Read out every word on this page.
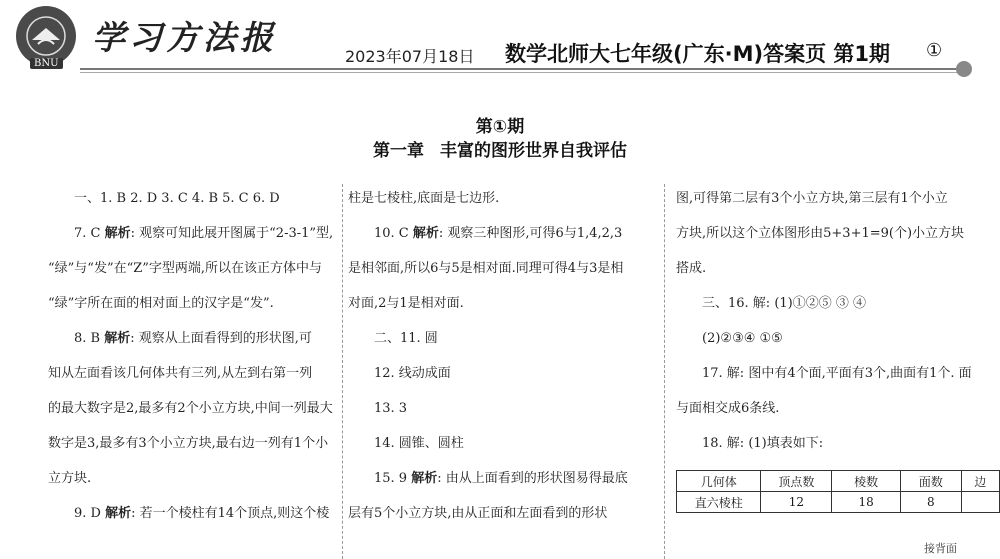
BNU
学习方法报	2023年07月18日 数学北师大七年级(广东·M)答案页 第1期 ①
第①期
第一章 丰富的图形世界自我评估
一、1. B 2. D 3. C 4. B 5. C 6. D
7. C 解析: 观察可知此展开图属于“2-3-1”型,
“绿”与“发”在“Z”字型两端,所以在该正方体中与
“绿”字所在面的相对面上的汉字是“发”.
8. B 解析: 观察从上面看得到的形状图,可
知从左面看该几何体共有三列,从左到右第一列
的最大数字是2,最多有2个小立方块,中间一列最大
数字是3,最多有3个小立方块,最右边一列有1个小
立方块.
9. D 解析: 若一个棱柱有14个顶点,则这个棱
柱是七棱柱,底面是七边形.
10. C 解析: 观察三种图形,可得6与1,4,2,3
是相邻面,所以6与5是相对面.同理可得4与3是相
对面,2与1是相对面.
二、11. 圆
12. 线动成面
13. 3
14. 圆锥、圆柱
15. 9 解析: 由从上面看到的形状图易得最底
层有5个小立方块,由从正面和左面看到的形状
图,可得第二层有3个小立方块,第三层有1个小立
方块,所以这个立体图形由5+3+1=9(个)小立方块
搭成.
三、16. 解: (1)①②⑤ ③ ④
(2)②③④ ①⑤
17. 解: 图中有4个面,平面有3个,曲面有1个. 面
与面相交成6条线.
18. 解: (1)填表如下:
几何体	顶点数	棱数	面数	边
直六棱柱	12	18	8	
接背面
